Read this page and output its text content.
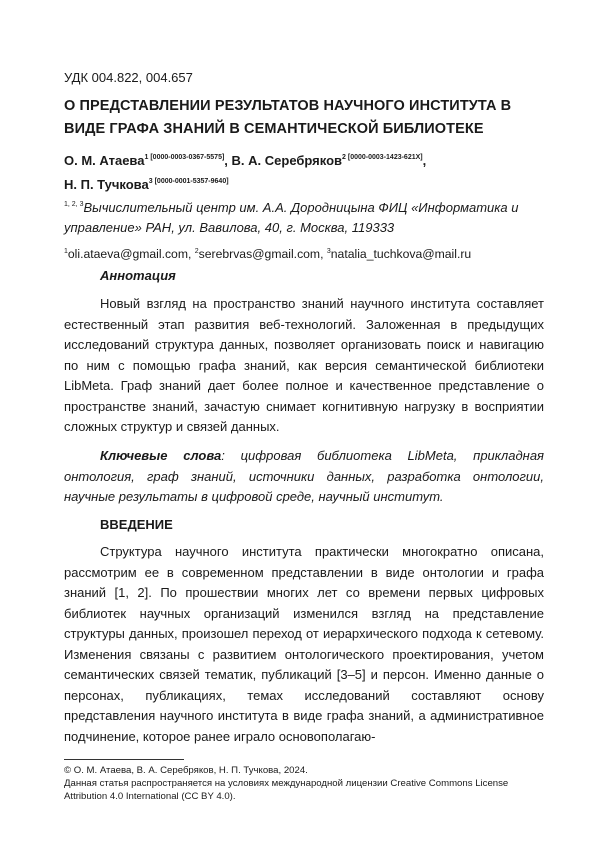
УДК 004.822, 004.657
О ПРЕДСТАВЛЕНИИ РЕЗУЛЬТАТОВ НАУЧНОГО ИНСТИТУТА В ВИДЕ ГРАФА ЗНАНИЙ В СЕМАНТИЧЕСКОЙ БИБЛИОТЕКЕ
О. М. Атаева$^{1 [0000-0003-0367-5575]}$, В. А. Серебряков$^{2 [0000-0003-1423-621X]}$,
Н. П. Тучкова$^{3 [0000-0001-5357-9640]}$
$^{1, 2, 3}$Вычислительный центр им. А.А. Дородницына ФИЦ «Информатика и управление» РАН, ул. Вавилова, 40, г. Москва, 119333
$^1$oli.ataeva@gmail.com, $^2$serebrvas@gmail.com, $^3$natalia_tuchkova@mail.ru
Аннотация
Новый взгляд на пространство знаний научного института составляет естественный этап развития веб-технологий. Заложенная в предыдущих исследований структура данных, позволяет организовать поиск и навигацию по ним с помощью графа знаний, как версия семантической библиотеки LibMeta. Граф знаний дает более полное и качественное представление о пространстве знаний, зачастую снимает когнитивную нагрузку в восприятии сложных структур и связей данных.
Ключевые слова: цифровая библиотека LibMeta, прикладная онтология, граф знаний, источники данных, разработка онтологии, научные результаты в цифровой среде, научный институт.
ВВЕДЕНИЕ
Структура научного института практически многократно описана, рассмотрим ее в современном представлении в виде онтологии и графа знаний [1, 2]. По прошествии многих лет со времени первых цифровых библиотек научных организаций изменился взгляд на представление структуры данных, произошел переход от иерархического подхода к сетевому. Изменения связаны с развитием онтологического проектирования, учетом семантических связей тематик, публикаций [3–5] и персон. Именно данные о персонах, публикациях, темах исследований составляют основу представления научного института в виде графа знаний, а административное подчинение, которое ранее играло основополагаю-
© О. М. Атаева, В. А. Серебряков, Н. П. Тучкова, 2024.
Данная статья распространяется на условиях международной лицензии Creative Commons License Attribution 4.0 International (CC BY 4.0).
